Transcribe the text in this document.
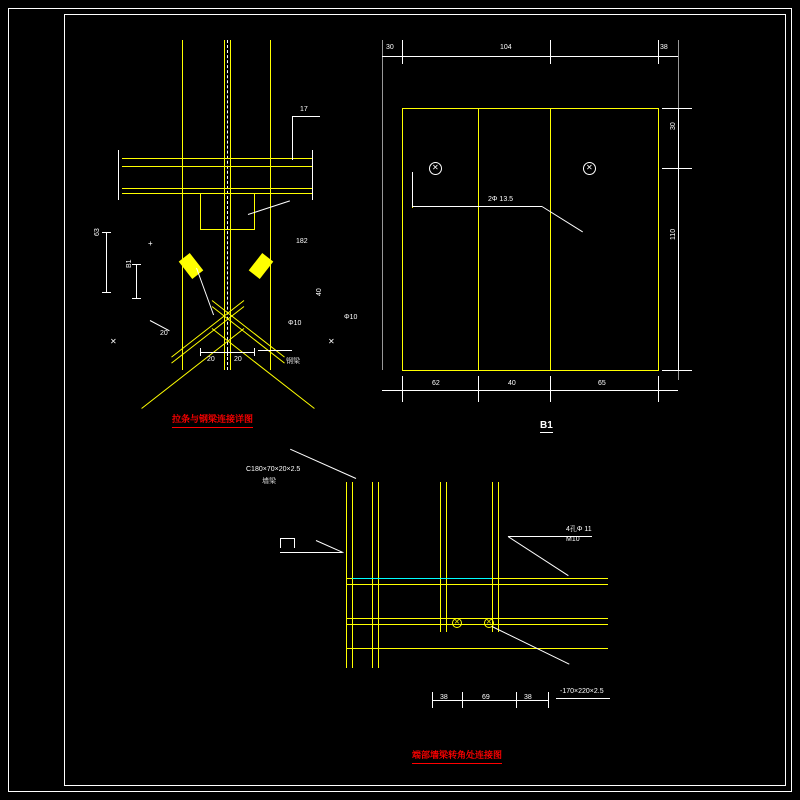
17
182
Φ10
Φ10
40
63
B1
20
20	20	钢梁
✕	✕
+
拉条与钢梁连接详图
✕	✕
2Φ 13.5
30	104	38
30
110
62	40	65
B1
✕	✕
C180×70×20×2.5
墙梁
4孔Φ 11
M10
-170×220×2.5
38	69	38
端部墙梁转角处连接图
